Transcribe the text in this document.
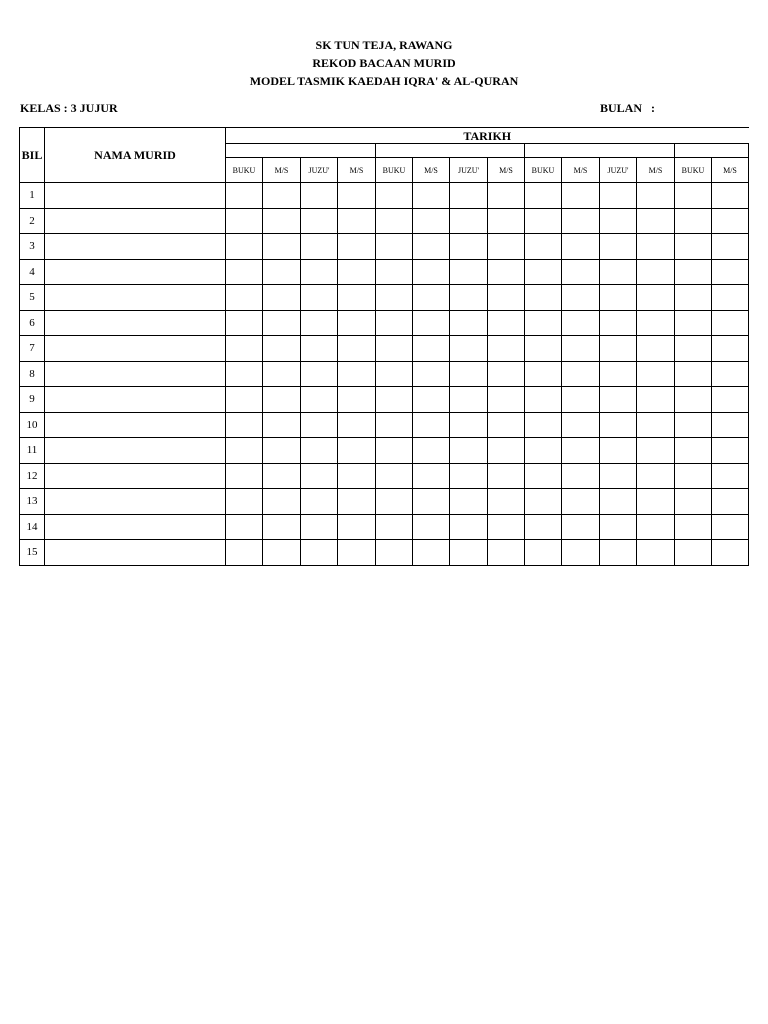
SK TUN TEJA, RAWANG
REKOD BACAAN MURID
MODEL TASMIK KAEDAH IQRA' & AL-QURAN
KELAS : 3 JUJUR	BULAN :
BIL	NAMA MURID	TARIKH													

		BUKU	M/S	JUZU'	M/S	BUKU	M/S	JUZU'	M/S	BUKU	M/S	JUZU'	M/S	BUKU	M/S
1															
2															
3															
4															
5															
6															
7															
8															
9															
10															
11															
12															
13															
14															
15															
